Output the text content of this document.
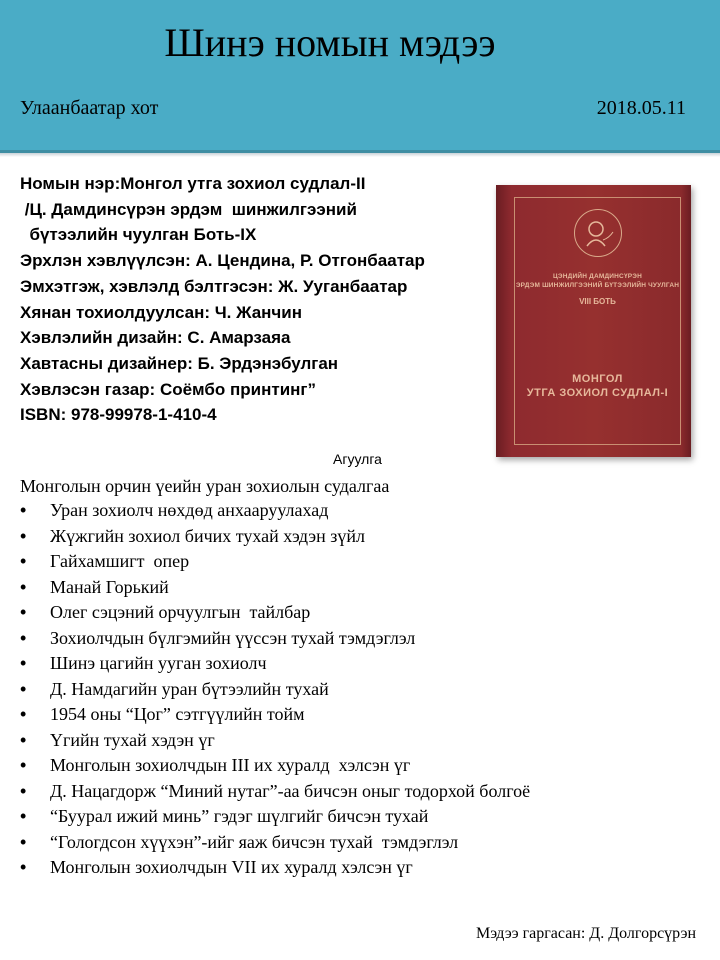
Шинэ номын мэдээ
Улаанбаатар хот	2018.05.11
Номын нэр:Монгол утга зохиол судлал-II
/Ц. Дамдинсүрэн эрдэм  шинжилгээний
бүтээлийн чуулган Боть-IX
Эрхлэн хэвлүүлсэн: А. Цендина, Р. Отгонбаатар
Эмхэтгэж, хэвлэлд бэлтгэсэн: Ж. Ууганбаатар
Хянан тохиолдуулсан: Ч. Жанчин
Хэвлэлийн дизайн: С. Амарзаяа
Хавтасны дизайнер: Б. Эрдэнэбулган
Хэвлэсэн газар: Соёмбо принтинг”
ISBN: 978-99978-1-410-4
ЦЭНДИЙН ДАМДИНСҮРЭН
ЭРДЭМ ШИНЖИЛГЭЭНИЙ БҮТЭЭЛИЙН ЧУУЛГАН
VIII БОТЬ
МОНГОЛ
УТГА ЗОХИОЛ СУДЛАЛ-I
Агуулга
Монголын орчин үеийн уран зохиолын судалгаа
• Уран зохиолч нөхдөд анхааруулахад
• Жүжгийн зохиол бичих тухай хэдэн зүйл
• Гайхамшигт  опер
• Манай Горький
• Олег сэцэний орчуулгын  тайлбар
• Зохиолчдын бүлгэмийн үүссэн тухай тэмдэглэл
• Шинэ цагийн ууган зохиолч
• Д. Намдагийн уран бүтээлийн тухай
• 1954 оны “Цог” сэтгүүлийн тойм
• Үгийн тухай хэдэн үг
• Монголын зохиолчдын III их хуралд  хэлсэн үг
• Д. Нацагдорж “Миний нутаг”-аа бичсэн оныг тодорхой болгоё
• “Буурал ижий минь” гэдэг шүлгийг бичсэн тухай
• “Гологдсон хүүхэн”-ийг яаж бичсэн тухай  тэмдэглэл
• Монголын зохиолчдын VII их хуралд хэлсэн үг
Мэдээ гаргасан: Д. Долгорсүрэн
